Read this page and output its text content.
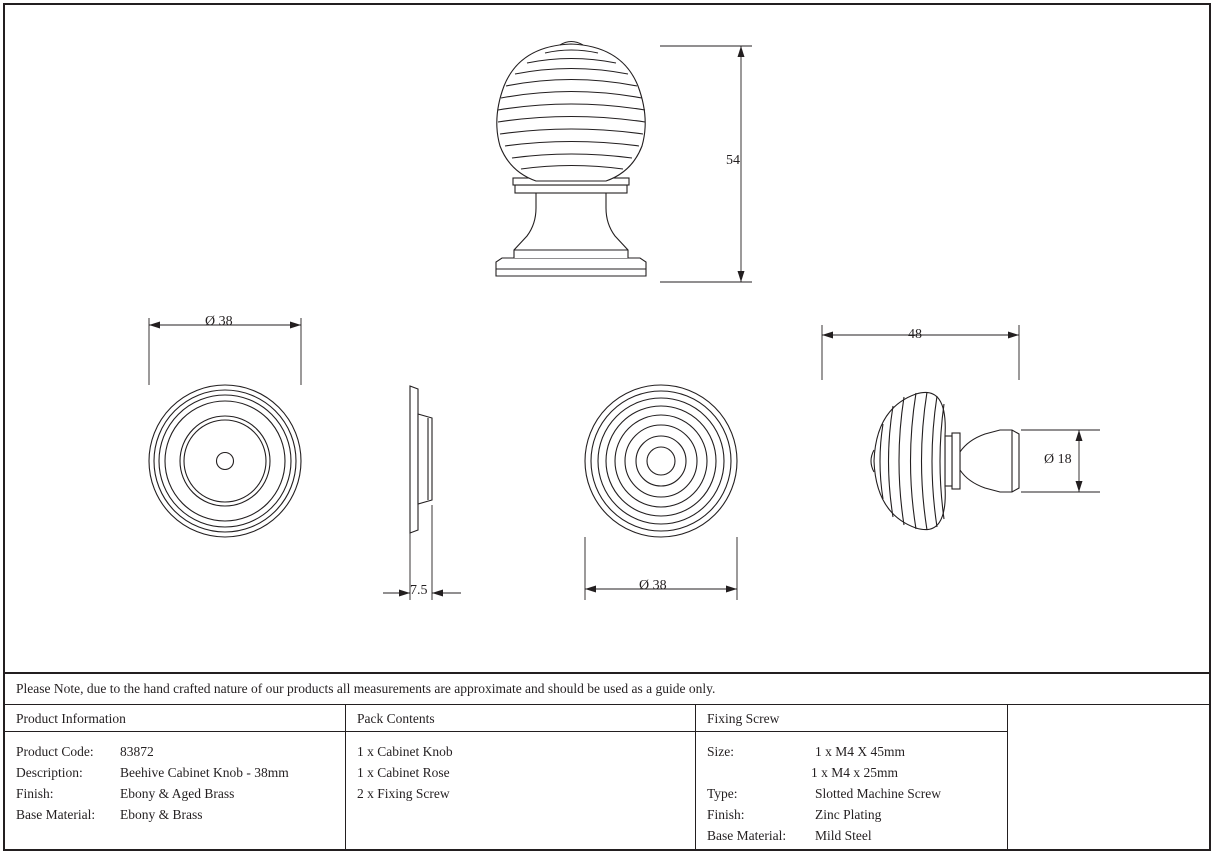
54
Ø 38
7.5	Ø 38
48
Ø 18
Please Note, due to the hand crafted nature of our products all measurements are approximate and should be used as a guide only.
Product Information
Product Code:	83872
Description:	Beehive Cabinet Knob - 38mm
Finish:	Ebony & Aged Brass
Base Material:	Ebony & Brass
Pack Contents
1 x Cabinet Knob
1 x Cabinet Rose
2 x Fixing Screw
Fixing Screw
Size:	1 x M4 X 45mm
1 x M4 x 25mm
Type:	Slotted Machine Screw
Finish:	Zinc Plating
Base Material:	Mild Steel
